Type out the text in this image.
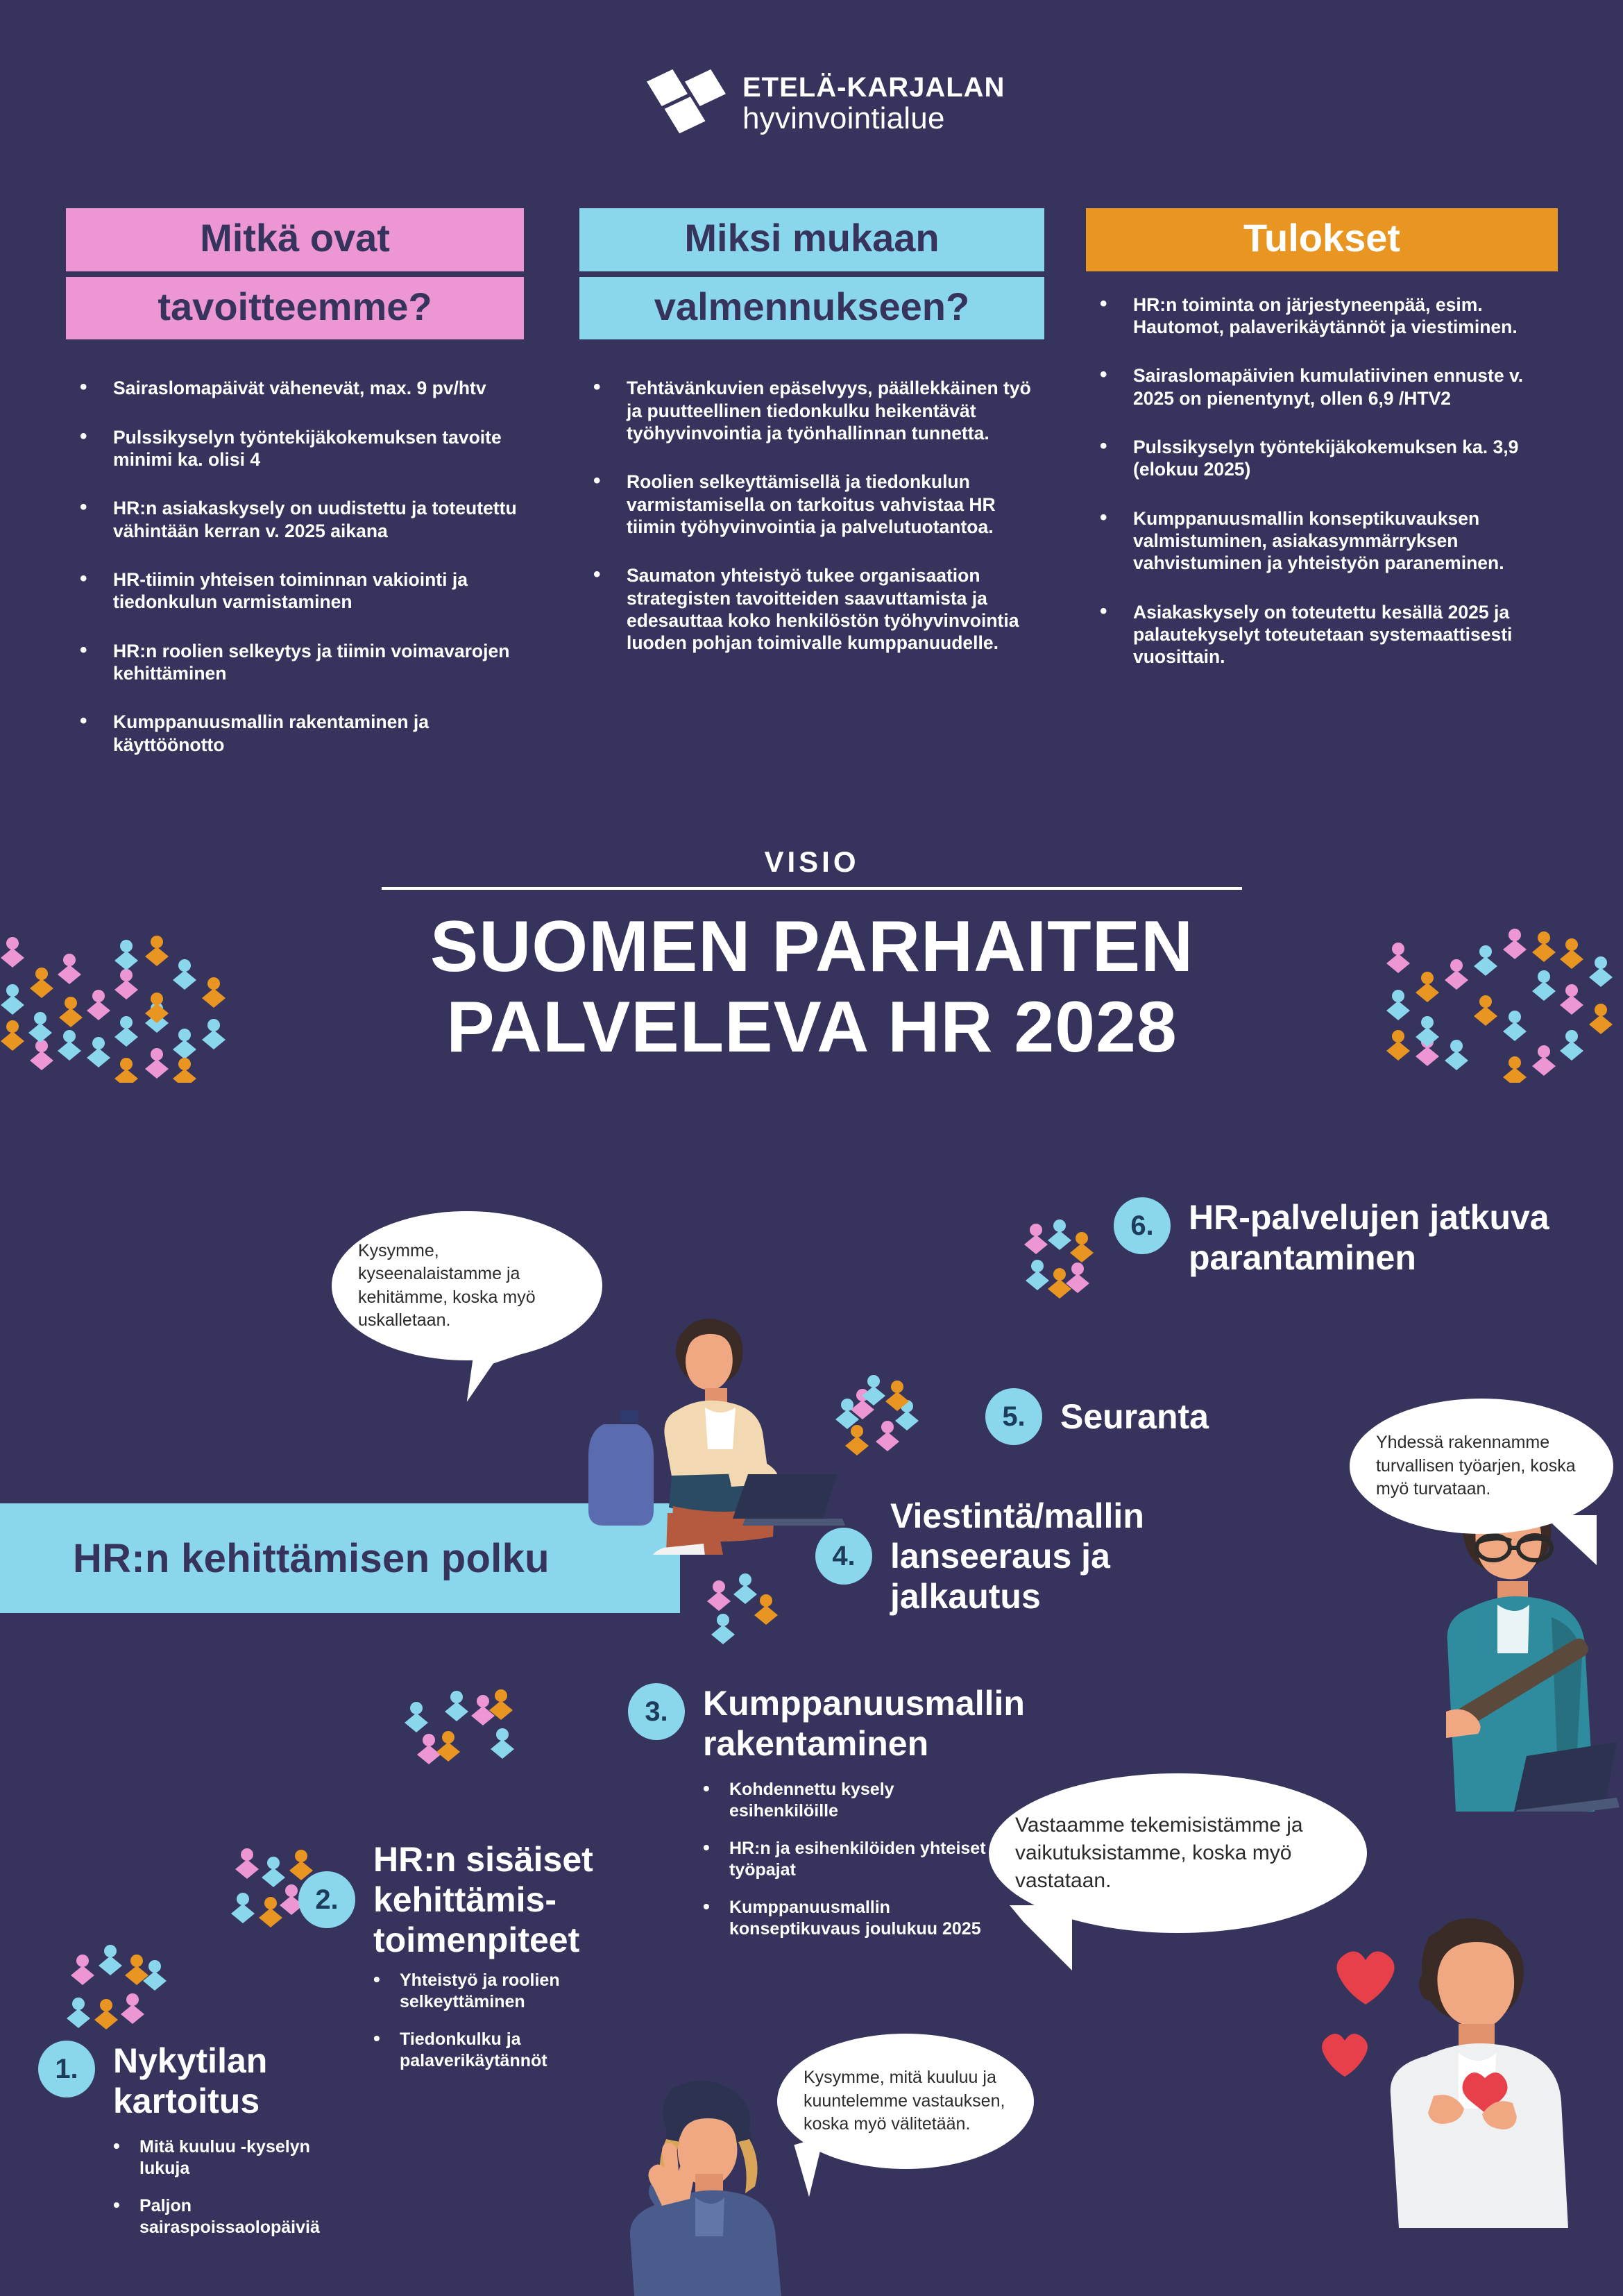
ETELÄ-KARJALAN
hyvinvointialue
Mitkä ovat
tavoitteemme?
• Sairaslomapäivät vähenevät, max. 9 pv/htv
• Pulssikyselyn työntekijäkokemuksen tavoite minimi ka. olisi 4
• HR:n asiakaskysely on uudistettu ja toteutettu vähintään kerran v. 2025 aikana
• HR-tiimin yhteisen toiminnan vakiointi ja tiedonkulun varmistaminen
• HR:n roolien selkeytys ja tiimin voimavarojen kehittäminen
• Kumppanuusmallin rakentaminen ja käyttöönotto
Miksi mukaan
valmennukseen?
• Tehtävänkuvien epäselvyys, päällekkäinen työ ja puutteellinen tiedonkulku heikentävät työhyvinvointia ja työnhallinnan tunnetta.
• Roolien selkeyttämisellä ja tiedonkulun varmistamisella on tarkoitus vahvistaa HR tiimin työhyvinvointia ja palvelutuotantoa.
• Saumaton yhteistyö tukee organisaation strategisten tavoitteiden saavuttamista ja edesauttaa koko henkilöstön työhyvinvointia luoden pohjan toimivalle kumppanuudelle.
Tulokset
• HR:n toiminta on järjestyneenpää, esim. Hautomot, palaverikäytännöt ja viestiminen.
• Sairaslomapäivien kumulatiivinen ennuste v. 2025 on pienentynyt, ollen 6,9 /HTV2
• Pulssikyselyn työntekijäkokemuksen ka. 3,9 (elokuu 2025)
• Kumppanuusmallin konseptikuvauksen valmistuminen, asiakasymmärryksen vahvistuminen ja yhteistyön paraneminen.
• Asiakaskysely on toteutettu kesällä 2025 ja palautekyselyt toteutetaan systemaattisesti vuosittain.
VISIO
SUOMEN PARHAITEN
PALVELEVA HR 2028
HR:n kehittämisen polku
6.	HR-palvelujen jatkuva parantaminen
5.	Seuranta
4.
Viestintä/mallin lanseeraus ja jalkautus
3.	Kumppanuusmallin rakentaminen
• Kohdennettu kysely esihenkilöille
• HR:n ja esihenkilöiden yhteiset työpajat
• Kumppanuusmallin konseptikuvaus joulukuu 2025
2.
HR:n sisäiset kehittämis-toimenpiteet
• Yhteistyö ja roolien selkeyttäminen
• Tiedonkulku ja palaverikäytännöt
1.	Nykytilan kartoitus
• Mitä kuuluu -kyselyn lukuja
• Paljon sairaspoissaolopäiviä
Kysymme, kyseenalaistamme ja kehitämme, koska myö uskalletaan.
Yhdessä rakennamme turvallisen työarjen, koska myö turvataan.
Vastaamme tekemisistämme ja vaikutuksistamme, koska myö vastataan.
Kysymme, mitä kuuluu ja kuuntelemme vastauksen, koska myö välitetään.
